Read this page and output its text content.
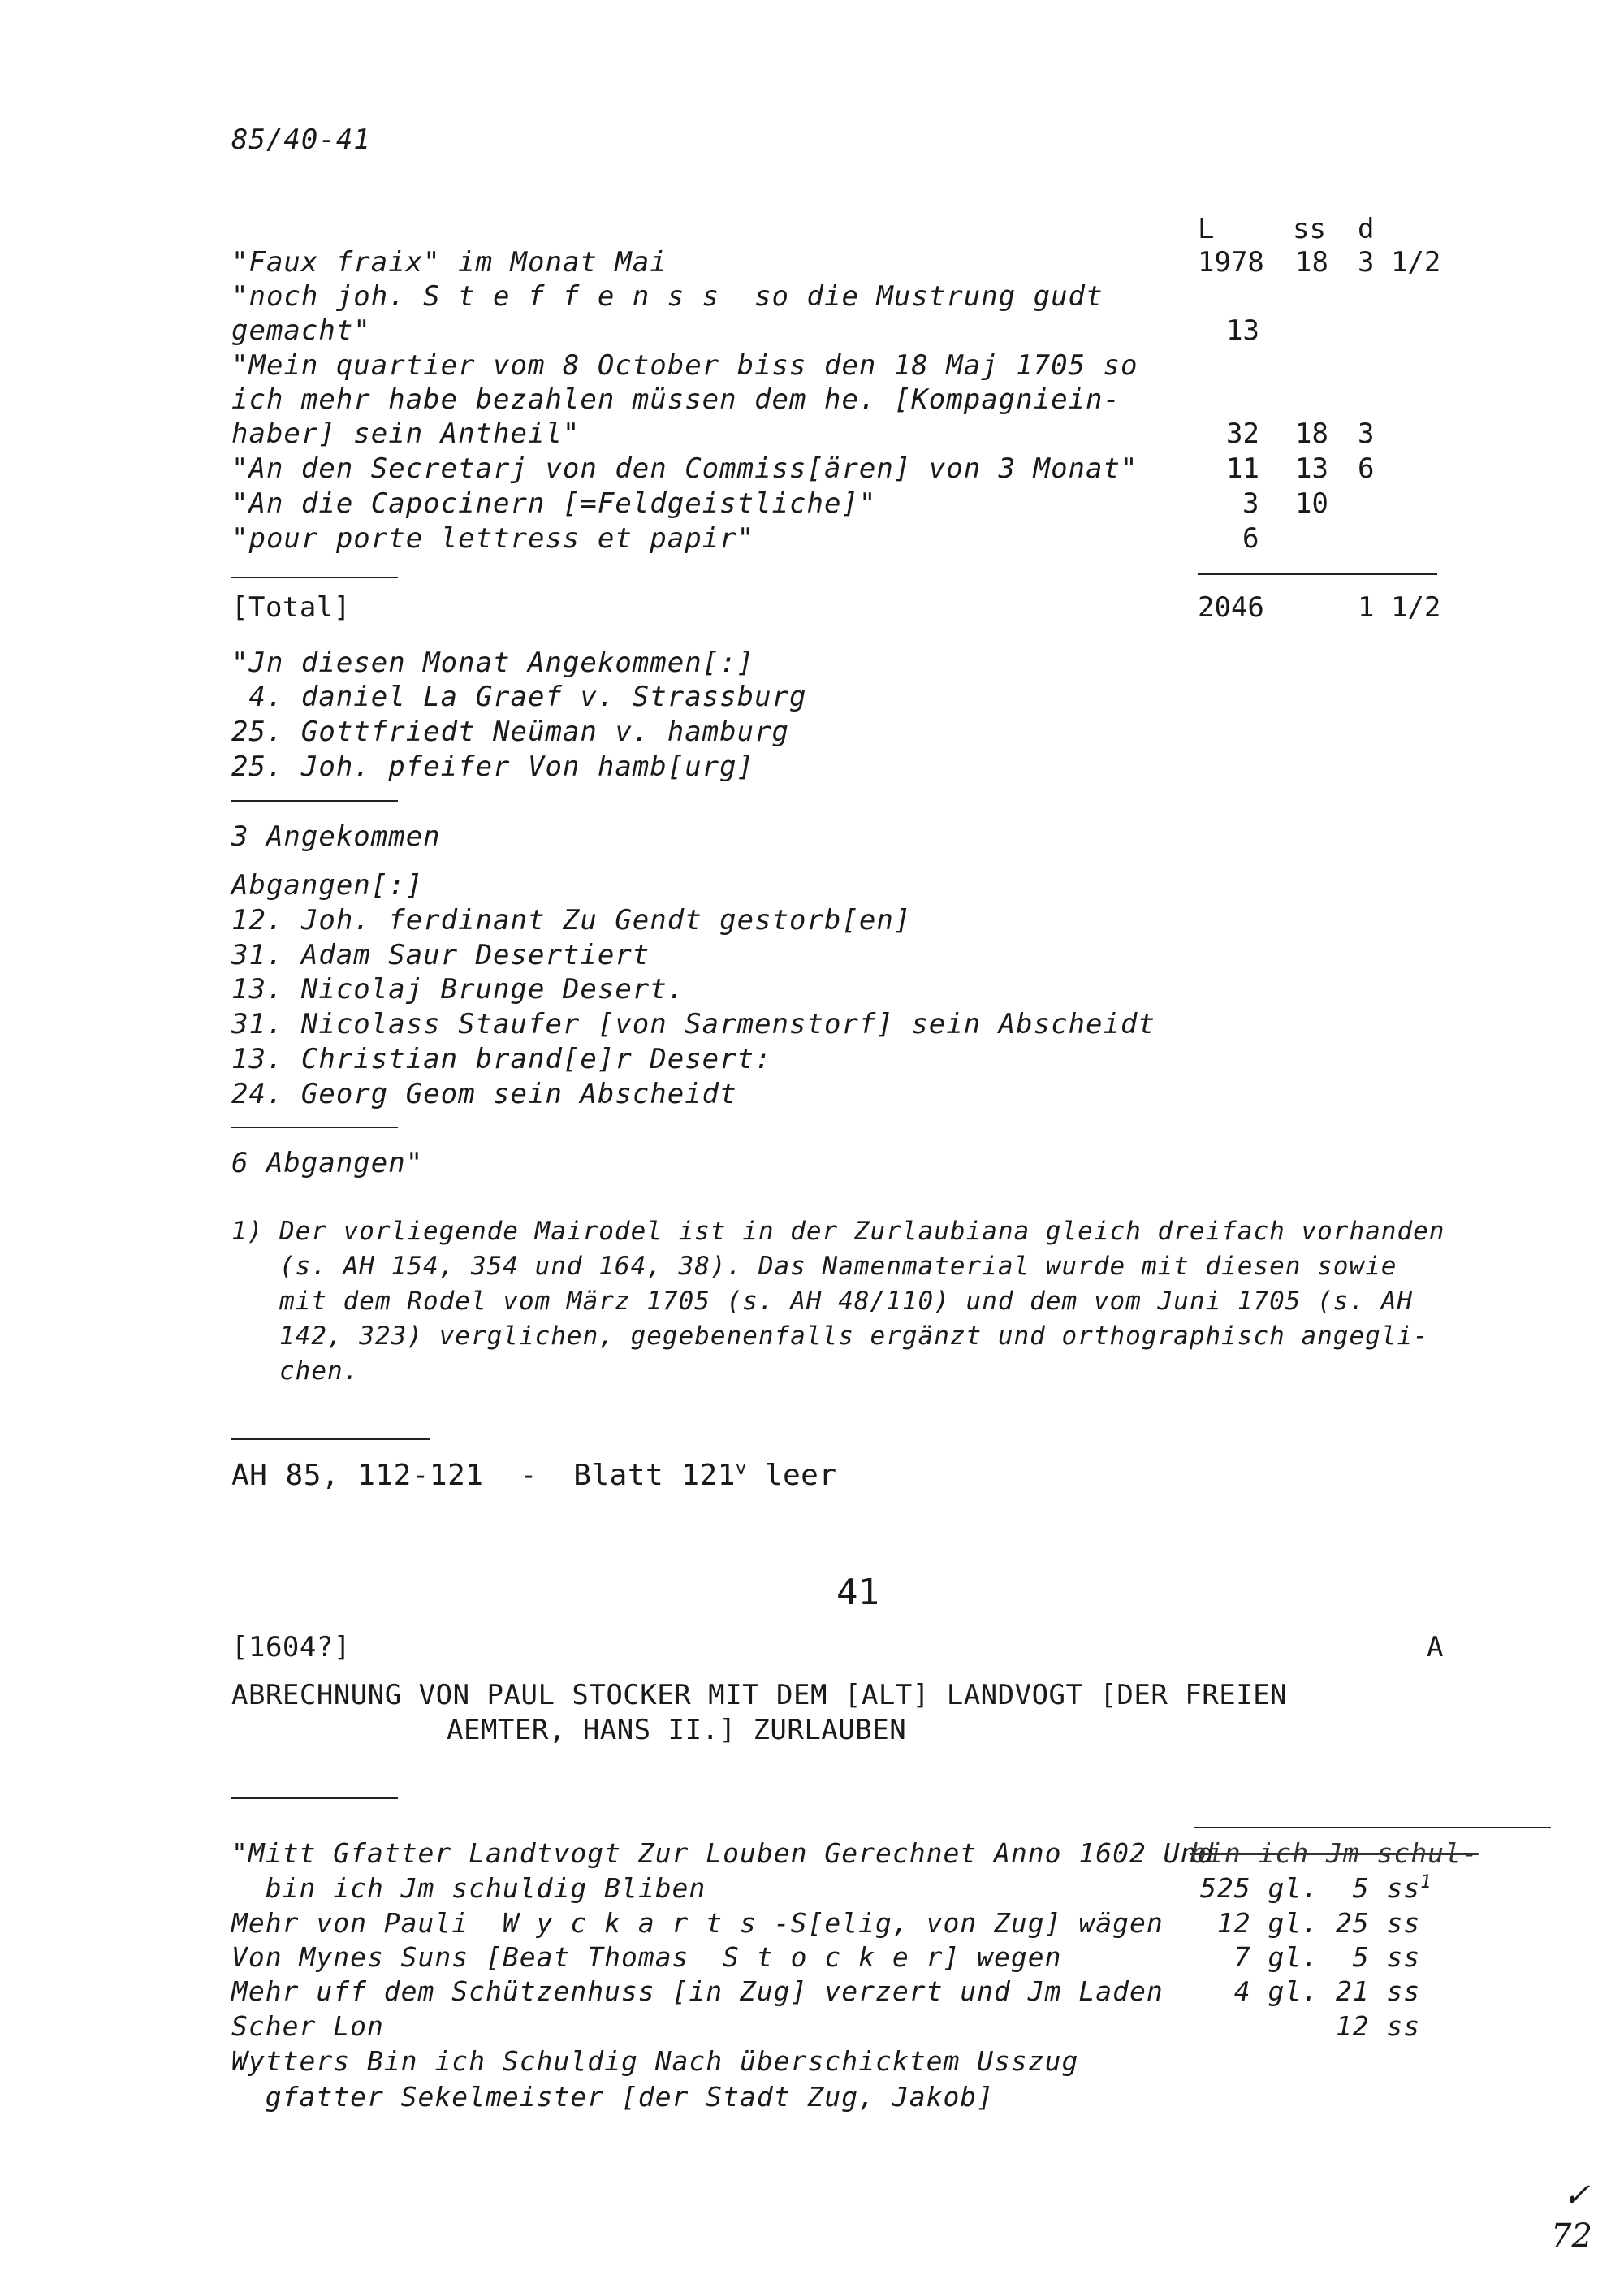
85/40-41
L	ss d
"Faux fraix" im Monat Mai	1978 18 3 1/2
"noch joh. S t e f f e n s s  so die Mustrung gudt
gemacht"	13
"Mein quartier vom 8 October biss den 18 Maj 1705 so
ich mehr habe bezahlen müssen dem he. [Kompagniein-
haber] sein Antheil"	32 18 3
"An den Secretarj von den Commiss[ären] von 3 Monat"	11 13 6
"An die Capocinern [=Feldgeistliche]"	3 10
"pour porte lettress et papir"	6
[Total]	2046	1 1/2
"Jn diesen Monat Angekommen[:]
4. daniel La Graef v. Strassburg
25. Gottfriedt Neüman v. hamburg
25. Joh. pfeifer Von hamb[urg]
3 Angekommen
Abgangen[:]
12. Joh. ferdinant Zu Gendt gestorb[en]
31. Adam Saur Desertiert
13. Nicolaj Brunge Desert.
31. Nicolass Staufer [von Sarmenstorf] sein Abscheidt
13. Christian brand[e]r Desert:
24. Georg Geom sein Abscheidt
6 Abgangen"
1) Der vorliegende Mairodel ist in der Zurlaubiana gleich dreifach vorhanden
(s. AH 154, 354 und 164, 38). Das Namenmaterial wurde mit diesen sowie
mit dem Rodel vom März 1705 (s. AH 48/110) und dem vom Juni 1705 (s. AH
142, 323) verglichen, gegebenenfalls ergänzt und orthographisch angegli-
chen.
AH 85, 112-121  -  Blatt 121$^v$ leer
41
[1604?]	A
ABRECHNUNG VON PAUL STOCKER MIT DEM [ALT] LANDVOGT [DER FREIEN
AEMTER, HANS II.] ZURLAUBEN
"Mitt Gfatter Landtvogt Zur Louben Gerechnet Anno 1602 Und
bin ich Jm schul-
bin ich Jm schuldig Bliben	525 gl.  5 $ss^1$
Mehr von Pauli  W y c k a r t s -S[elig, von Zug] wägen 12 gl. 25 ss
Von Mynes Suns [Beat Thomas  S t o c k e r] wegen	7 gl.  5 ss
Mehr uff dem Schützenhuss [in Zug] verzert und Jm Laden 4 gl. 21 ss
Scher Lon	12 ss
Wytters Bin ich Schuldig Nach überschicktem Usszug
gfatter Sekelmeister [der Stadt Zug, Jakob]
✓
72
